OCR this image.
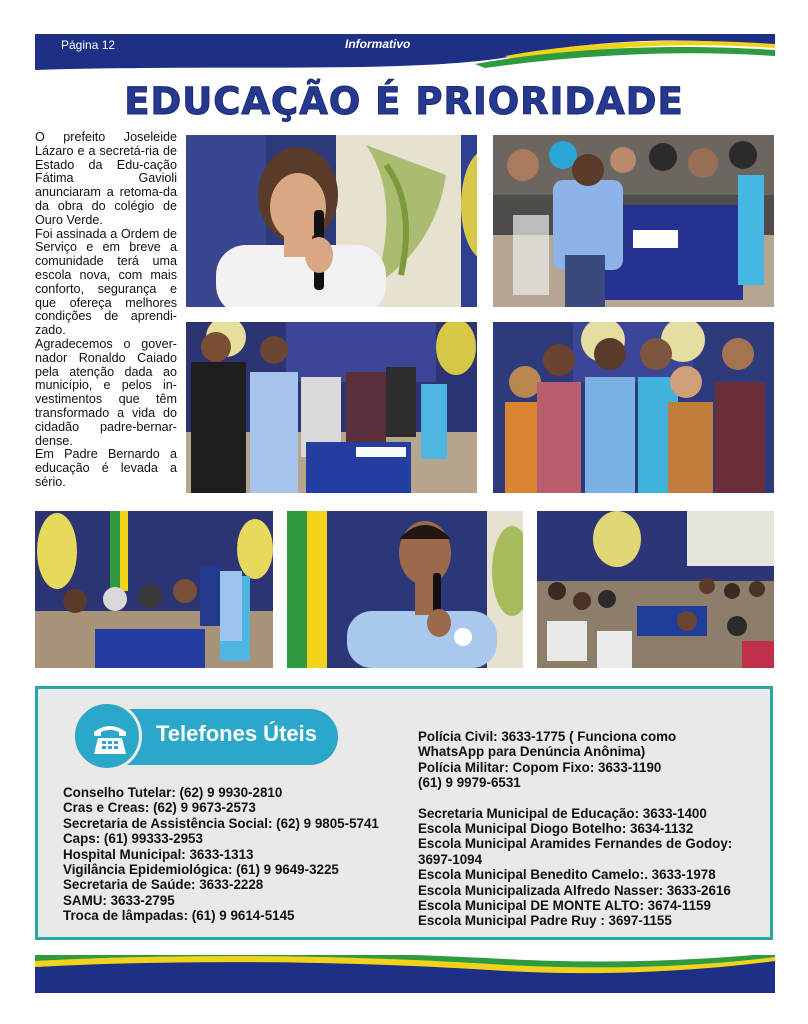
Página 12	Informativo
EDUCAÇÃO É PRIORIDADE

O prefeito Joseleide Lázaro e a secretá-ria de Estado da Edu-cação Fátima Gavioli anunciaram a retoma-da da obra do colégio de Ouro Verde.

Foi assinada a Ordem de Serviço e em breve a comunidade terá uma escola nova, com mais conforto, segurança e que ofereça melhores condições de aprendi-zado.

Agradecemos o gover-nador Ronaldo Caiado pela atenção dada ao município, e pelos in-vestimentos que têm transformado a vida do cidadão padre-bernar-dense.

Em Padre Bernardo a educação é levada a sério.

Telefones Úteis
Conselho Tutelar: (62) 9 9930-2810
Cras e Creas: (62) 9 9673-2573
Secretaria de Assistência Social: (62) 9 9805-5741
Caps: (61) 99333-2953
Hospital Municipal: 3633-1313
Vigilância Epidemiológica: (61) 9 9649-3225
Secretaria de Saúde: 3633-2228
SAMU: 3633-2795
Troca de lâmpadas: (61) 9 9614-5145
Polícia Civil: 3633-1775 ( Funciona como
WhatsApp para Denúncia Anônima)
Polícia Militar: Copom Fixo: 3633-1190
(61) 9 9979-6531
Secretaria Municipal de Educação: 3633-1400
Escola Municipal Diogo Botelho: 3634-1132
Escola Municipal Aramides Fernandes de Godoy: 3697-1094
Escola Municipal Benedito Camelo:. 3633-1978
Escola Municipalizada Alfredo Nasser: 3633-2616
Escola Municipal DE MONTE ALTO: 3674-1159
Escola Municipal Padre Ruy : 3697-1155
